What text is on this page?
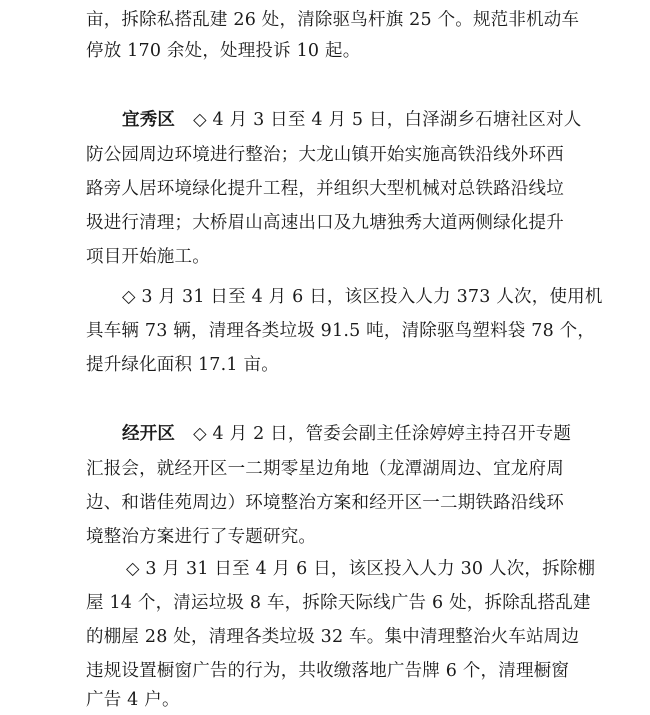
亩，拆除私搭乱建 26 处，清除驱鸟杆旗 25 个。规范非机动车
停放 170 余处，处理投诉 10 起。
宜秀区 ◇ 4 月 3 日至 4 月 5 日，白泽湖乡石塘社区对人
防公园周边环境进行整治；大龙山镇开始实施高铁沿线外环西
路旁人居环境绿化提升工程，并组织大型机械对总铁路沿线垃
圾进行清理；大桥眉山高速出口及九塘独秀大道两侧绿化提升
项目开始施工。
◇ 3 月 31 日至 4 月 6 日，该区投入人力 373 人次，使用机
具车辆 73 辆，清理各类垃圾 91.5 吨，清除驱鸟塑料袋 78 个，
提升绿化面积 17.1 亩。
经开区 ◇ 4 月 2 日，管委会副主任涂婷婷主持召开专题
汇报会，就经开区一二期零星边角地（龙潭湖周边、宜龙府周
边、和谐佳苑周边）环境整治方案和经开区一二期铁路沿线环
境整治方案进行了专题研究。
◇ 3 月 31 日至 4 月 6 日，该区投入人力 30 人次，拆除棚
屋 14 个，清运垃圾 8 车，拆除天际线广告 6 处，拆除乱搭乱建
的棚屋 28 处，清理各类垃圾 32 车。集中清理整治火车站周边
违规设置橱窗广告的行为，共收缴落地广告牌 6 个，清理橱窗
广告 4 户。
